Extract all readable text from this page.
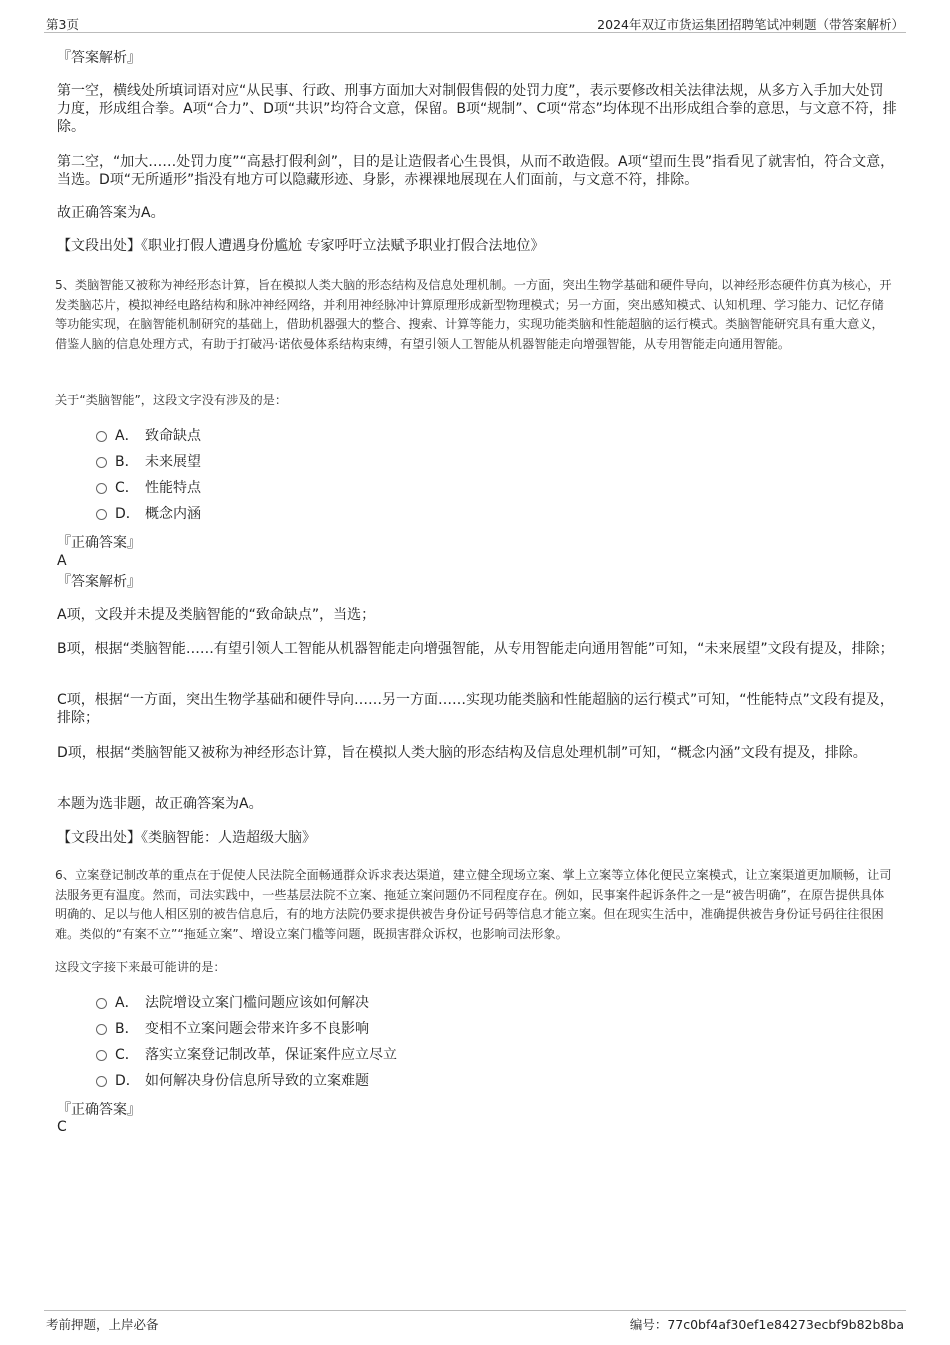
第3页	2024年双辽市货运集团招聘笔试冲刺题（带答案解析）
『答案解析』
第一空，横线处所填词语对应“从民事、行政、刑事方面加大对制假售假的处罚力度”，表示要修改相关法律法规，从多方入手加大处罚力度，形成组合拳。A项“合力”、D项“共识”均符合文意，保留。B项“规制”、C项“常态”均体现不出形成组合拳的意思，与文意不符，排除。
第二空，“加大……处罚力度”“高悬打假利剑”，目的是让造假者心生畏惧，从而不敢造假。A项“望而生畏”指看见了就害怕，符合文意，当选。D项“无所遁形”指没有地方可以隐藏形迹、身影，赤裸裸地展现在人们面前，与文意不符，排除。
故正确答案为A。
【文段出处】《职业打假人遭遇身份尴尬 专家呼吁立法赋予职业打假合法地位》
5、类脑智能又被称为神经形态计算，旨在模拟人类大脑的形态结构及信息处理机制。一方面，突出生物学基础和硬件导向，以神经形态硬件仿真为核心，开发类脑芯片，模拟神经电路结构和脉冲神经网络，并利用神经脉冲计算原理形成新型物理模式；另一方面，突出感知模式、认知机理、学习能力、记忆存储等功能实现，在脑智能机制研究的基础上，借助机器强大的整合、搜索、计算等能力，实现功能类脑和性能超脑的运行模式。类脑智能研究具有重大意义，借鉴人脑的信息处理方式，有助于打破冯·诺依曼体系结构束缚，有望引领人工智能从机器智能走向增强智能，从专用智能走向通用智能。
关于“类脑智能”，这段文字没有涉及的是：
A． 致命缺点
B． 未来展望
C． 性能特点
D． 概念内涵
『正确答案』
A
『答案解析』
A项，文段并未提及类脑智能的“致命缺点”，当选；
B项，根据“类脑智能……有望引领人工智能从机器智能走向增强智能，从专用智能走向通用智能”可知，“未来展望”文段有提及，排除；
C项，根据“一方面，突出生物学基础和硬件导向……另一方面……实现功能类脑和性能超脑的运行模式”可知，“性能特点”文段有提及，排除；
D项，根据“类脑智能又被称为神经形态计算，旨在模拟人类大脑的形态结构及信息处理机制”可知，“概念内涵”文段有提及，排除。
本题为选非题，故正确答案为A。
【文段出处】《类脑智能：人造超级大脑》
6、立案登记制改革的重点在于促使人民法院全面畅通群众诉求表达渠道，建立健全现场立案、掌上立案等立体化便民立案模式，让立案渠道更加顺畅，让司法服务更有温度。然而，司法实践中，一些基层法院不立案、拖延立案问题仍不同程度存在。例如，民事案件起诉条件之一是“被告明确”，在原告提供具体明确的、足以与他人相区别的被告信息后，有的地方法院仍要求提供被告身份证号码等信息才能立案。但在现实生活中，准确提供被告身份证号码往往很困难。类似的“有案不立”“拖延立案”、增设立案门槛等问题，既损害群众诉权，也影响司法形象。
这段文字接下来最可能讲的是：
A． 法院增设立案门槛问题应该如何解决
B． 变相不立案问题会带来许多不良影响
C． 落实立案登记制改革，保证案件应立尽立
D． 如何解决身份信息所导致的立案难题
『正确答案』
C
考前押题，上岸必备	编号：77c0bf4af30ef1e84273ecbf9b82b8ba
